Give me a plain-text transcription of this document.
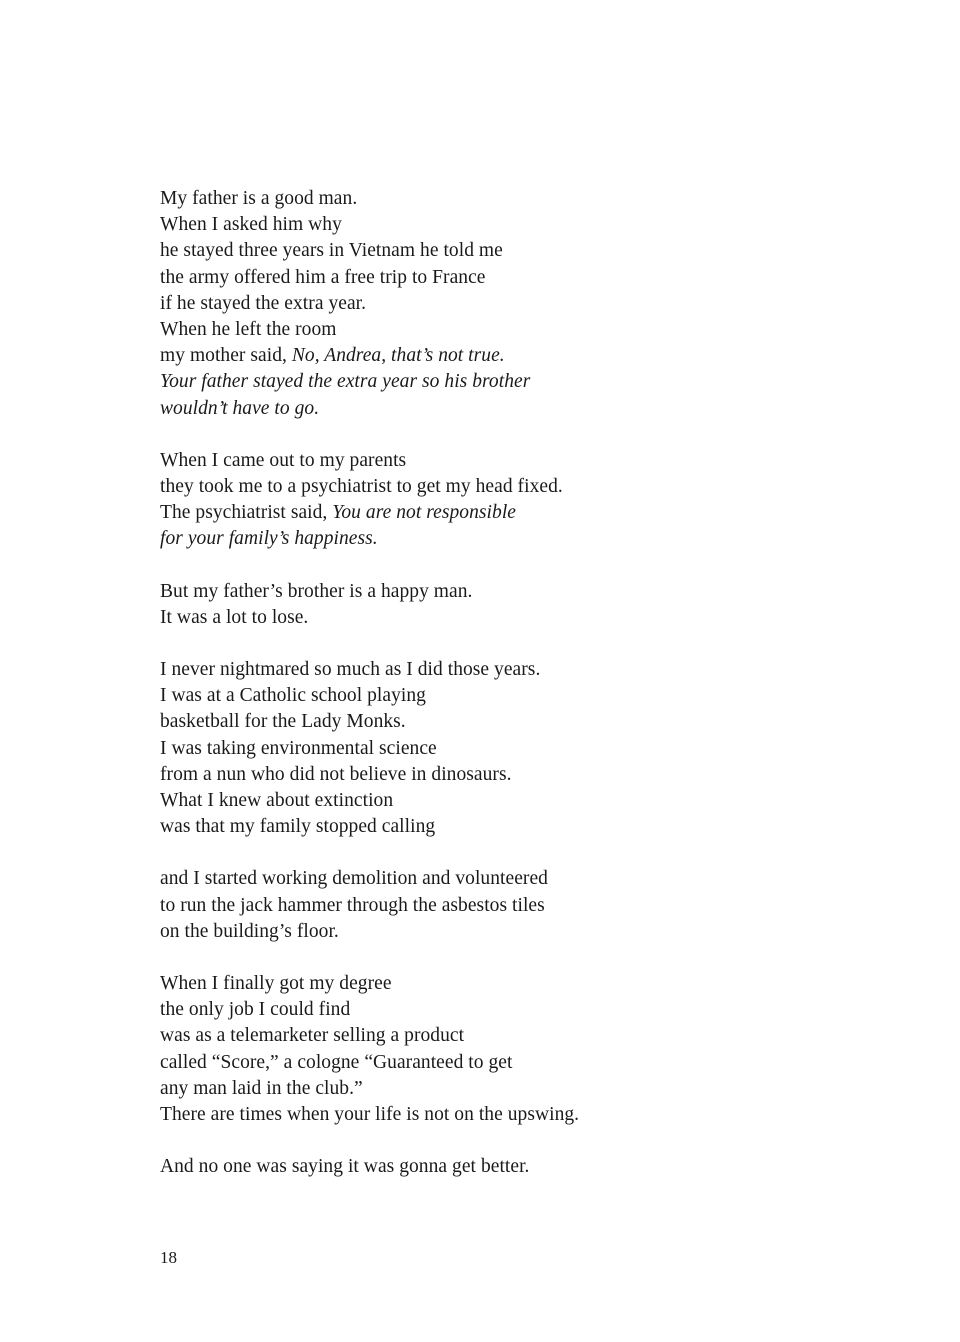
My father is a good man.
When I asked him why
he stayed three years in Vietnam he told me
the army offered him a free trip to France
if he stayed the extra year.
When he left the room
my mother said, No, Andrea, that’s not true.
Your father stayed the extra year so his brother
wouldn’t have to go.
When I came out to my parents
they took me to a psychiatrist to get my head fixed.
The psychiatrist said, You are not responsible
for your family’s happiness.
But my father’s brother is a happy man.
It was a lot to lose.
I never nightmared so much as I did those years.
I was at a Catholic school playing
basketball for the Lady Monks.
I was taking environmental science
from a nun who did not believe in dinosaurs.
What I knew about extinction
was that my family stopped calling
and I started working demolition and volunteered
to run the jack hammer through the asbestos tiles
on the building’s floor.
When I finally got my degree
the only job I could find
was as a telemarketer selling a product
called “Score,” a cologne “Guaranteed to get
any man laid in the club.”
There are times when your life is not on the upswing.
And no one was saying it was gonna get better.
18
